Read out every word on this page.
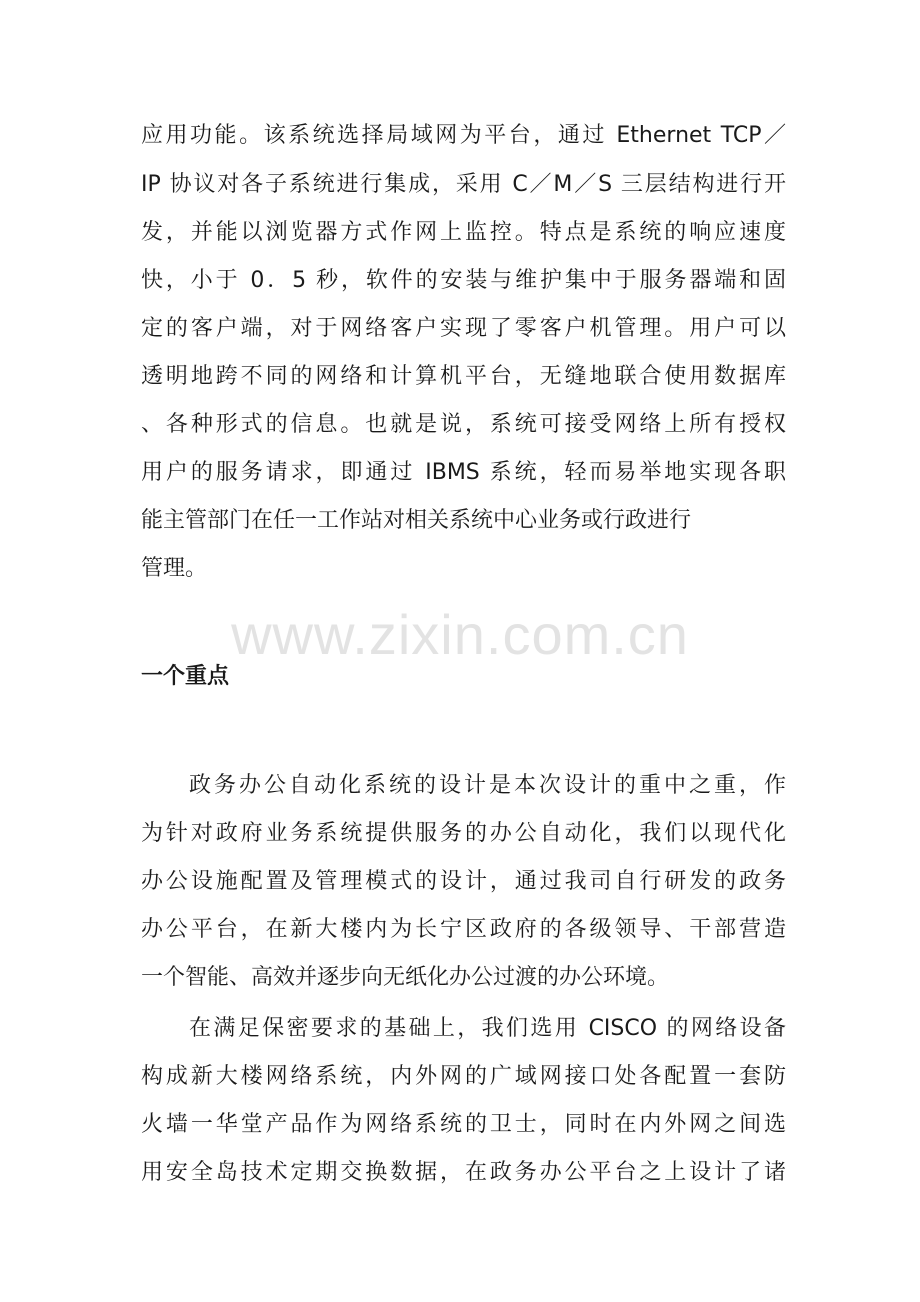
应用功能。该系统选择局域网为平台，通过 Ethernet TCP／
IP 协议对各子系统进行集成，采用 C／M／S 三层结构进行开
发，并能以浏览器方式作网上监控。特点是系统的响应速度
快，小于 0．5 秒，软件的安装与维护集中于服务器端和固
定的客户端，对于网络客户实现了零客户机管理。用户可以
透明地跨不同的网络和计算机平台，无缝地联合使用数据库
、各种形式的信息。也就是说，系统可接受网络上所有授权
用户的服务请求，即通过 IBMS 系统，轻而易举地实现各职
能主管部门在任一工作站对相关系统中心业务或行政进行
管理。
www.zixin.com.cn
一个重点
政务办公自动化系统的设计是本次设计的重中之重，作
为针对政府业务系统提供服务的办公自动化，我们以现代化
办公设施配置及管理模式的设计，通过我司自行研发的政务
办公平台，在新大楼内为长宁区政府的各级领导、干部营造
一个智能、高效并逐步向无纸化办公过渡的办公环境。
在满足保密要求的基础上，我们选用 CISCO 的网络设备
构成新大楼网络系统，内外网的广域网接口处各配置一套防
火墙一华堂产品作为网络系统的卫士，同时在内外网之间选
用安全岛技术定期交换数据，在政务办公平台之上设计了诸
